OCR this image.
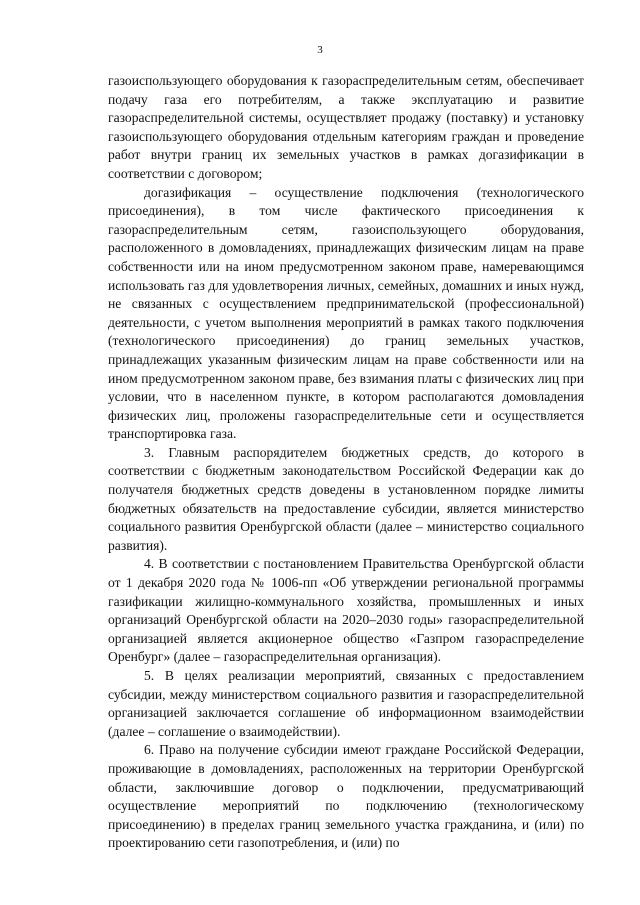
3

газоиспользующего оборудования к газораспределительным сетям, обеспечивает подачу газа его потребителям, а также эксплуатацию и развитие газораспределительной системы, осуществляет продажу (поставку) и установку газоиспользующего оборудования отдельным категориям граждан и проведение работ внутри границ их земельных участков в рамках догазификации в соответствии с договором;

догазификация – осуществление подключения (технологического присоединения), в том числе фактического присоединения к газораспределительным сетям, газоиспользующего оборудования, расположенного в домовладениях, принадлежащих физическим лицам на праве собственности или на ином предусмотренном законом праве, намеревающимся использовать газ для удовлетворения личных, семейных, домашних и иных нужд, не связанных с осуществлением предпринимательской (профессиональной) деятельности, с учетом выполнения мероприятий в рамках такого подключения (технологического присоединения) до границ земельных участков, принадлежащих указанным физическим лицам на праве собственности или на ином предусмотренном законом праве, без взимания платы с физических лиц при условии, что в населенном пункте, в котором располагаются домовладения физических лиц, проложены газораспределительные сети и осуществляется транспортировка газа.

3. Главным распорядителем бюджетных средств, до которого в соответствии с бюджетным законодательством Российской Федерации как до получателя бюджетных средств доведены в установленном порядке лимиты бюджетных обязательств на предоставление субсидии, является министерство социального развития Оренбургской области (далее – министерство социального развития).

4. В соответствии с постановлением Правительства Оренбургской области от 1 декабря 2020 года № 1006-пп «Об утверждении региональной программы газификации жилищно-коммунального хозяйства, промышленных и иных организаций Оренбургской области на 2020–2030 годы» газораспределительной организацией является акционерное общество «Газпром газораспределение Оренбург» (далее – газораспределительная организация).

5. В целях реализации мероприятий, связанных с предоставлением субсидии, между министерством социального развития и газораспределительной организацией заключается соглашение об информационном взаимодействии (далее – соглашение о взаимодействии).

6. Право на получение субсидии имеют граждане Российской Федерации, проживающие в домовладениях, расположенных на территории Оренбургской области, заключившие договор о подключении, предусматривающий осуществление мероприятий по подключению (технологическому присоединению) в пределах границ земельного участка гражданина, и (или) по проектированию сети газопотребления, и (или) по
